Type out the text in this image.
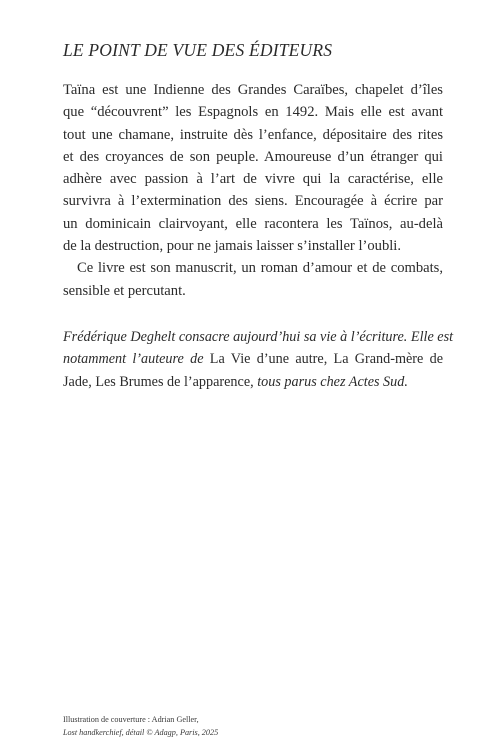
LE POINT DE VUE DES ÉDITEURS
Taïna est une Indienne des Grandes Caraïbes, chapelet d’îles
que “découvrent” les Espagnols en 1492. Mais elle est avant
tout une chamane, instruite dès l’enfance, dépositaire des rites
et des croyances de son peuple. Amoureuse d’un étranger qui
adhère avec passion à l’art de vivre qui la caractérise, elle
survivra à l’extermination des siens. Encouragée à écrire par
un dominicain clairvoyant, elle racontera les Taïnos, au-delà
de la destruction, pour ne jamais laisser s’installer l’oubli.
Ce livre est son manuscrit, un roman d’amour et de combats,
sensible et percutant.
Frédérique Deghelt consacre aujourd’hui sa vie à l’écriture. Elle est
notamment l’auteure de La Vie d’une autre, La Grand-mère de
Jade, Les Brumes de l’apparence, tous parus chez Actes Sud.
Illustration de couverture : Adrian Geller,
Lost handkerchief, détail © Adagp, Paris, 2025
